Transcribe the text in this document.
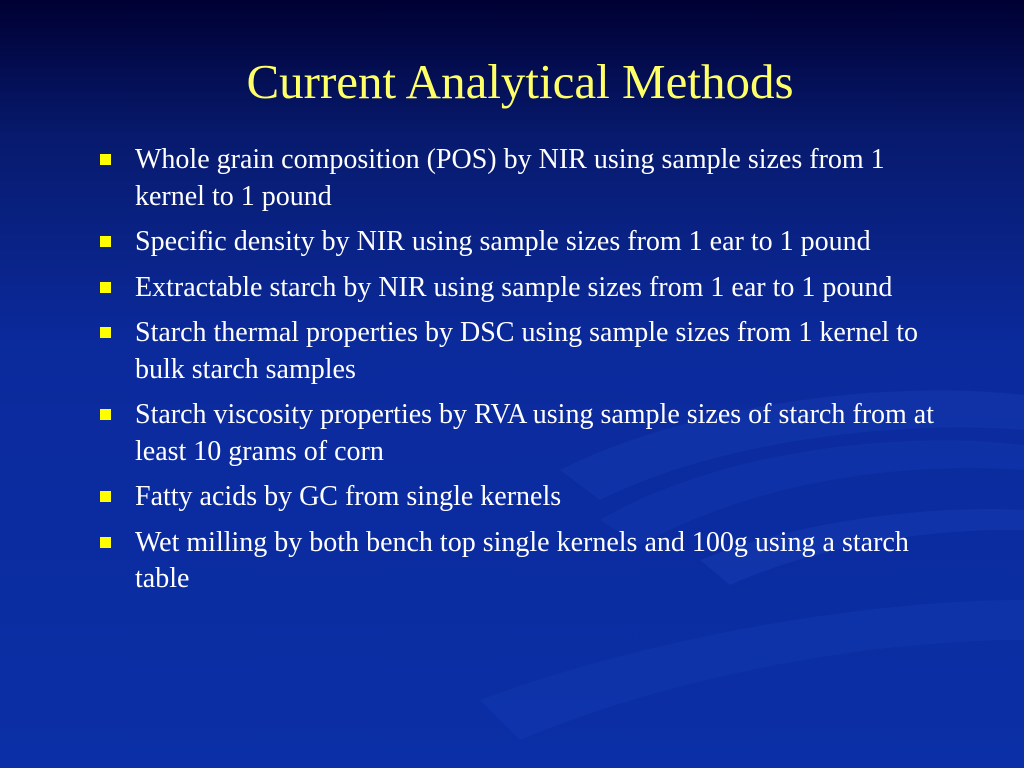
Current Analytical Methods
Whole grain composition (POS) by NIR using sample sizes from 1 kernel to 1 pound
Specific density by NIR using sample sizes from 1 ear to 1 pound
Extractable starch by NIR using sample sizes from 1 ear to 1 pound
Starch thermal properties by DSC using sample sizes from 1 kernel to bulk starch samples
Starch viscosity properties by RVA using sample sizes of starch from at least 10 grams of corn
Fatty acids by GC from single kernels
Wet milling by both bench top single kernels and 100g using a starch table
